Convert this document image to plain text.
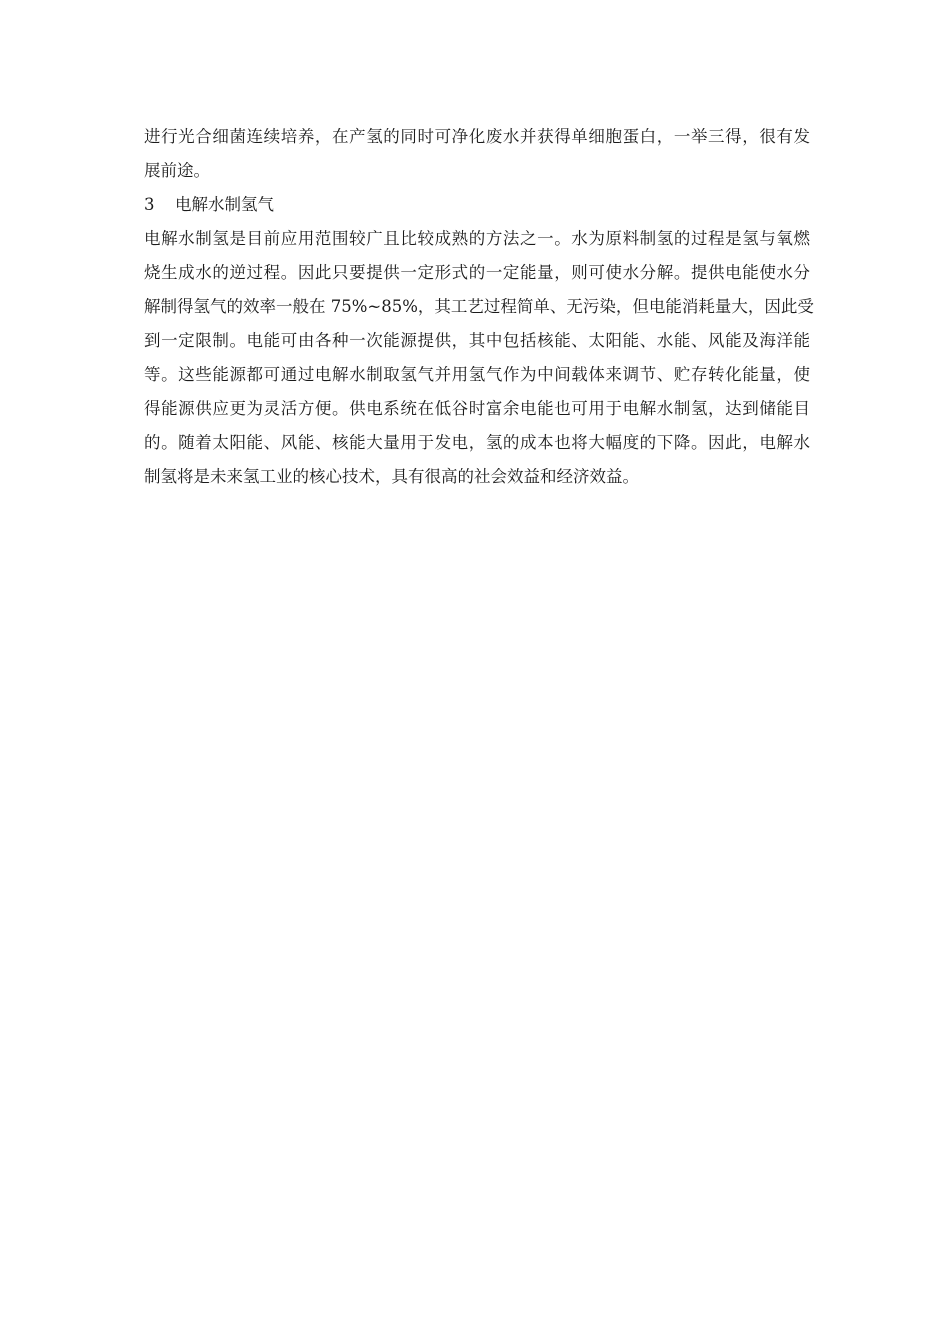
进行光合细菌连续培养，在产氢的同时可净化废水并获得单细胞蛋白，一举三得，很有发
展前途。
3 电解水制氢气
电解水制氢是目前应用范围较广且比较成熟的方法之一。水为原料制氢的过程是氢与氧燃
烧生成水的逆过程。因此只要提供一定形式的一定能量，则可使水分解。提供电能使水分
解制得氢气的效率一般在 75%~85%，其工艺过程简单、无污染，但电能消耗量大，因此受
到一定限制。电能可由各种一次能源提供，其中包括核能、太阳能、水能、风能及海洋能
等。这些能源都可通过电解水制取氢气并用氢气作为中间载体来调节、贮存转化能量，使
得能源供应更为灵活方便。供电系统在低谷时富余电能也可用于电解水制氢，达到储能目
的。随着太阳能、风能、核能大量用于发电，氢的成本也将大幅度的下降。因此，电解水
制氢将是未来氢工业的核心技术，具有很高的社会效益和经济效益。
